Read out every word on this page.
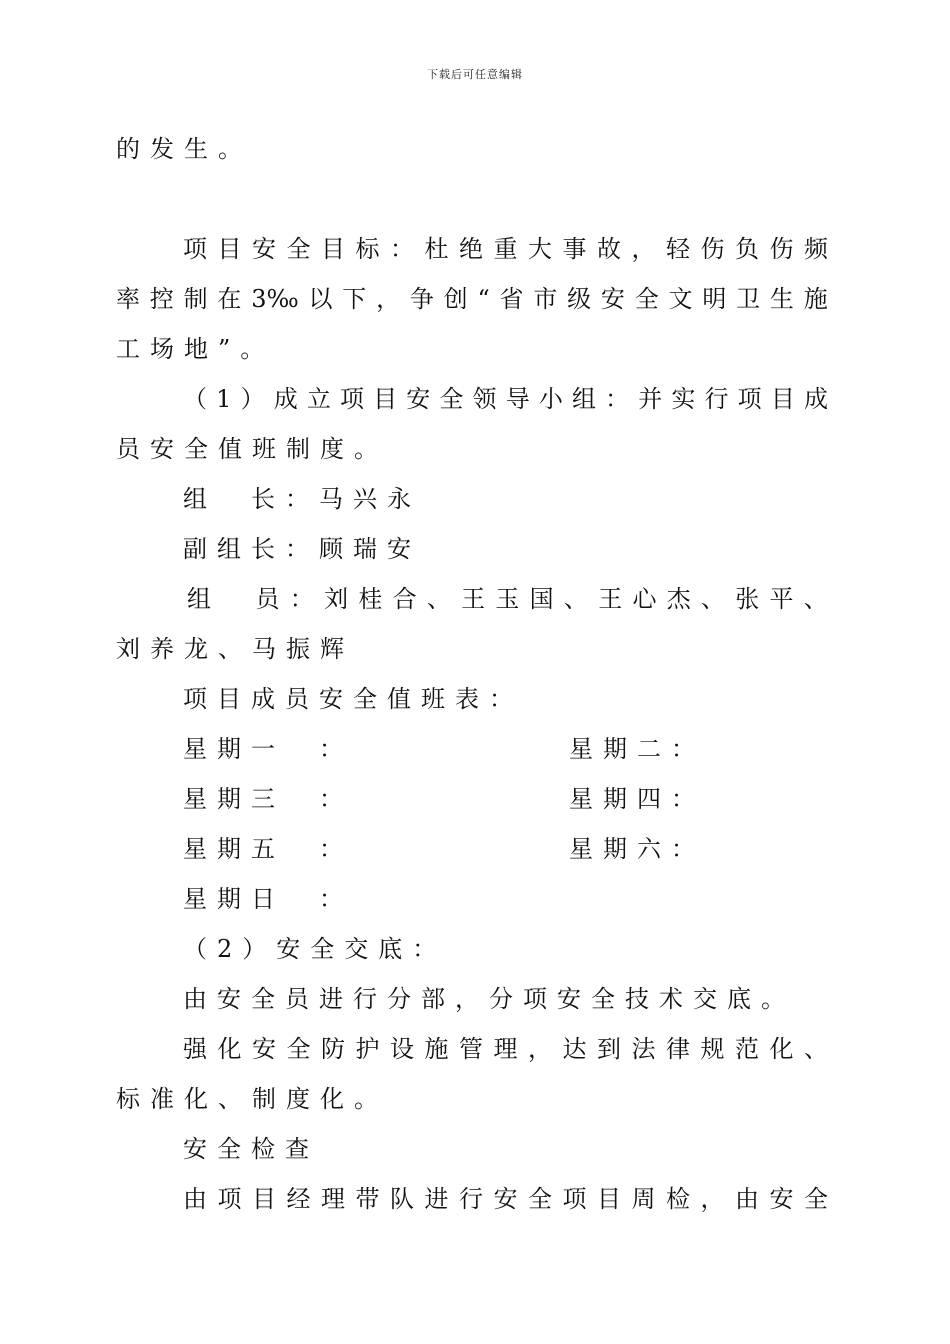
下载后可任意编辑
的发生。
项 目 安 全 目 标 ： 杜 绝 重 大 事 故 ， 轻 伤 负 伤 频
率 控 制 在 3‰ 以 下 ， 争 创 “ 省 市 级 安 全 文 明 卫 生 施
工场地”。
（ 1 ） 成 立 项 目 安 全 领 导 小 组 ： 并 实 行 项 目 成
员安全值班制度。
组　长：马兴永
副组长：顾瑞安
组
　 员 ： 刘 桂 合 、 王 玉 国 、 王 心 杰 、 张 平 、
刘养龙、马振辉
项目成员安全值班表：
星期一　：	星期二：
星期三　：	星期四：
星期五　：	星期六：
星期日　：
（2）安全交底：
由安全员进行分部，分项安全技术交底。
强 化 安 全 防 护 设 施 管 理 ， 达 到 法 律 规 范 化 、
标准化、制度化。
安全检查
由 项 目 经 理 带 队 进 行 安 全 项 目 周 检 ， 由 安 全
